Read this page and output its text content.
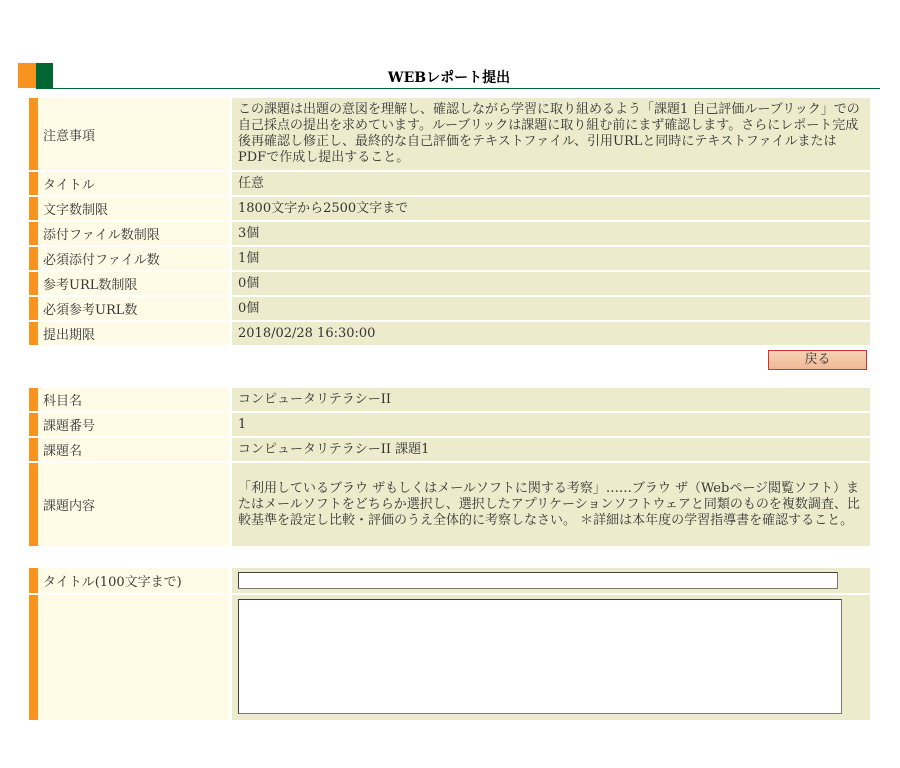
WEBレポート提出
注意事項		この課題は出題の意図を理解し、確認しながら学習に取り組めるよう「課題1 自己評価ルーブリック」での自己採点の提出を求めています。ルーブリックは課題に取り組む前にまず確認します。さらにレポート完成後再確認し修正し、最終的な自己評価をテキストファイル、引用URLと同時にテキストファイルまたはPDFで作成し提出すること。
タイトル		任意
文字数制限		1800文字から2500文字まで
添付ファイル数制限		3個
必須添付ファイル数		1個
参考URL数制限		0個
必須参考URL数		0個
提出期限		2018/02/28 16:30:00
戻る
科目名		コンピュータリテラシーII
課題番号		1
課題名		コンピュータリテラシーII 課題1
課題内容		「利用しているブラウ ザもしくはメールソフトに関する考察」……ブラウ ザ（Webページ閲覧ソフト）またはメールソフトをどちらか選択し、選択したアプリケーションソフトウェアと同類のものを複数調査、比較基準を設定し比較・評価のうえ全体的に考察しなさい。 ＊詳細は本年度の学習指導書を確認すること。
タイトル(100文字まで)		
